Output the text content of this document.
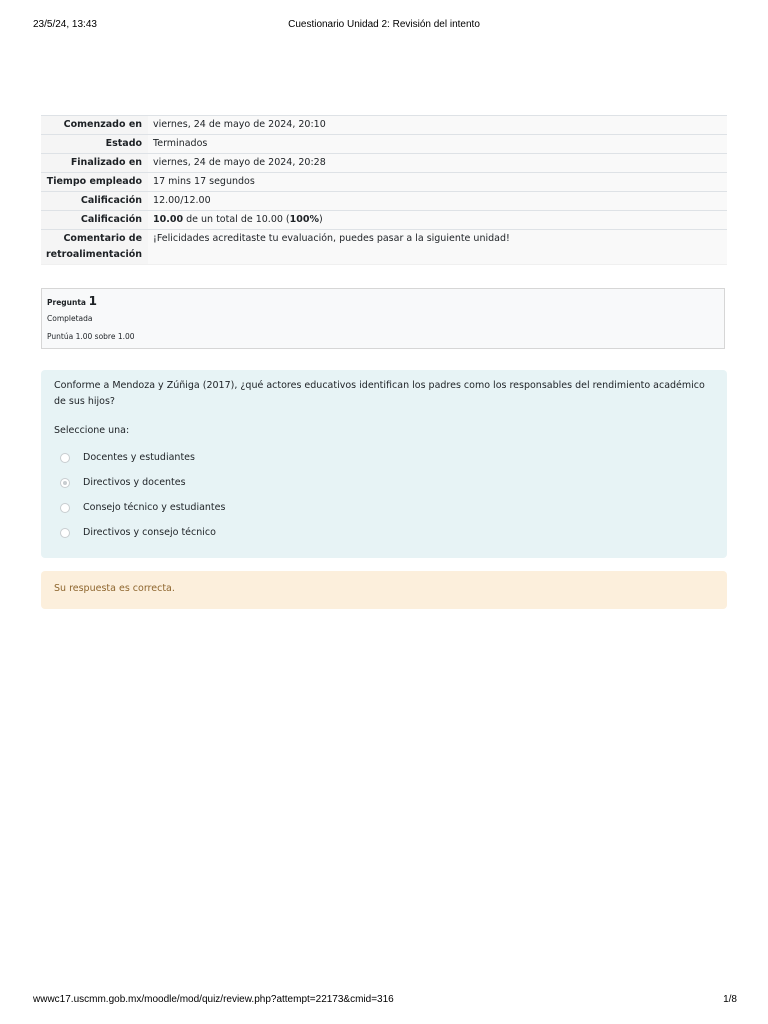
23/5/24, 13:43	Cuestionario Unidad 2: Revisión del intento
Comenzado en	viernes, 24 de mayo de 2024, 20:10
Estado	Terminados
Finalizado en	viernes, 24 de mayo de 2024, 20:28
Tiempo empleado	17 mins 17 segundos
Calificación	12.00/12.00
Calificación	10.00 de un total de 10.00 (100%)
Comentario de retroalimentación	¡Felicidades acreditaste tu evaluación, puedes pasar a la siguiente unidad!
Pregunta 1
Completada
Puntúa 1.00 sobre 1.00

Conforme a Mendoza y Zúñiga (2017), ¿qué actores educativos identifican los padres como los responsables del rendimiento académico de sus hijos?

Seleccione una:
Docentes y estudiantes
Directivos y docentes
Consejo técnico y estudiantes
Directivos y consejo técnico
Su respuesta es correcta.
wwwc17.uscmm.gob.mx/moodle/mod/quiz/review.php?attempt=22173&cmid=316	1/8
